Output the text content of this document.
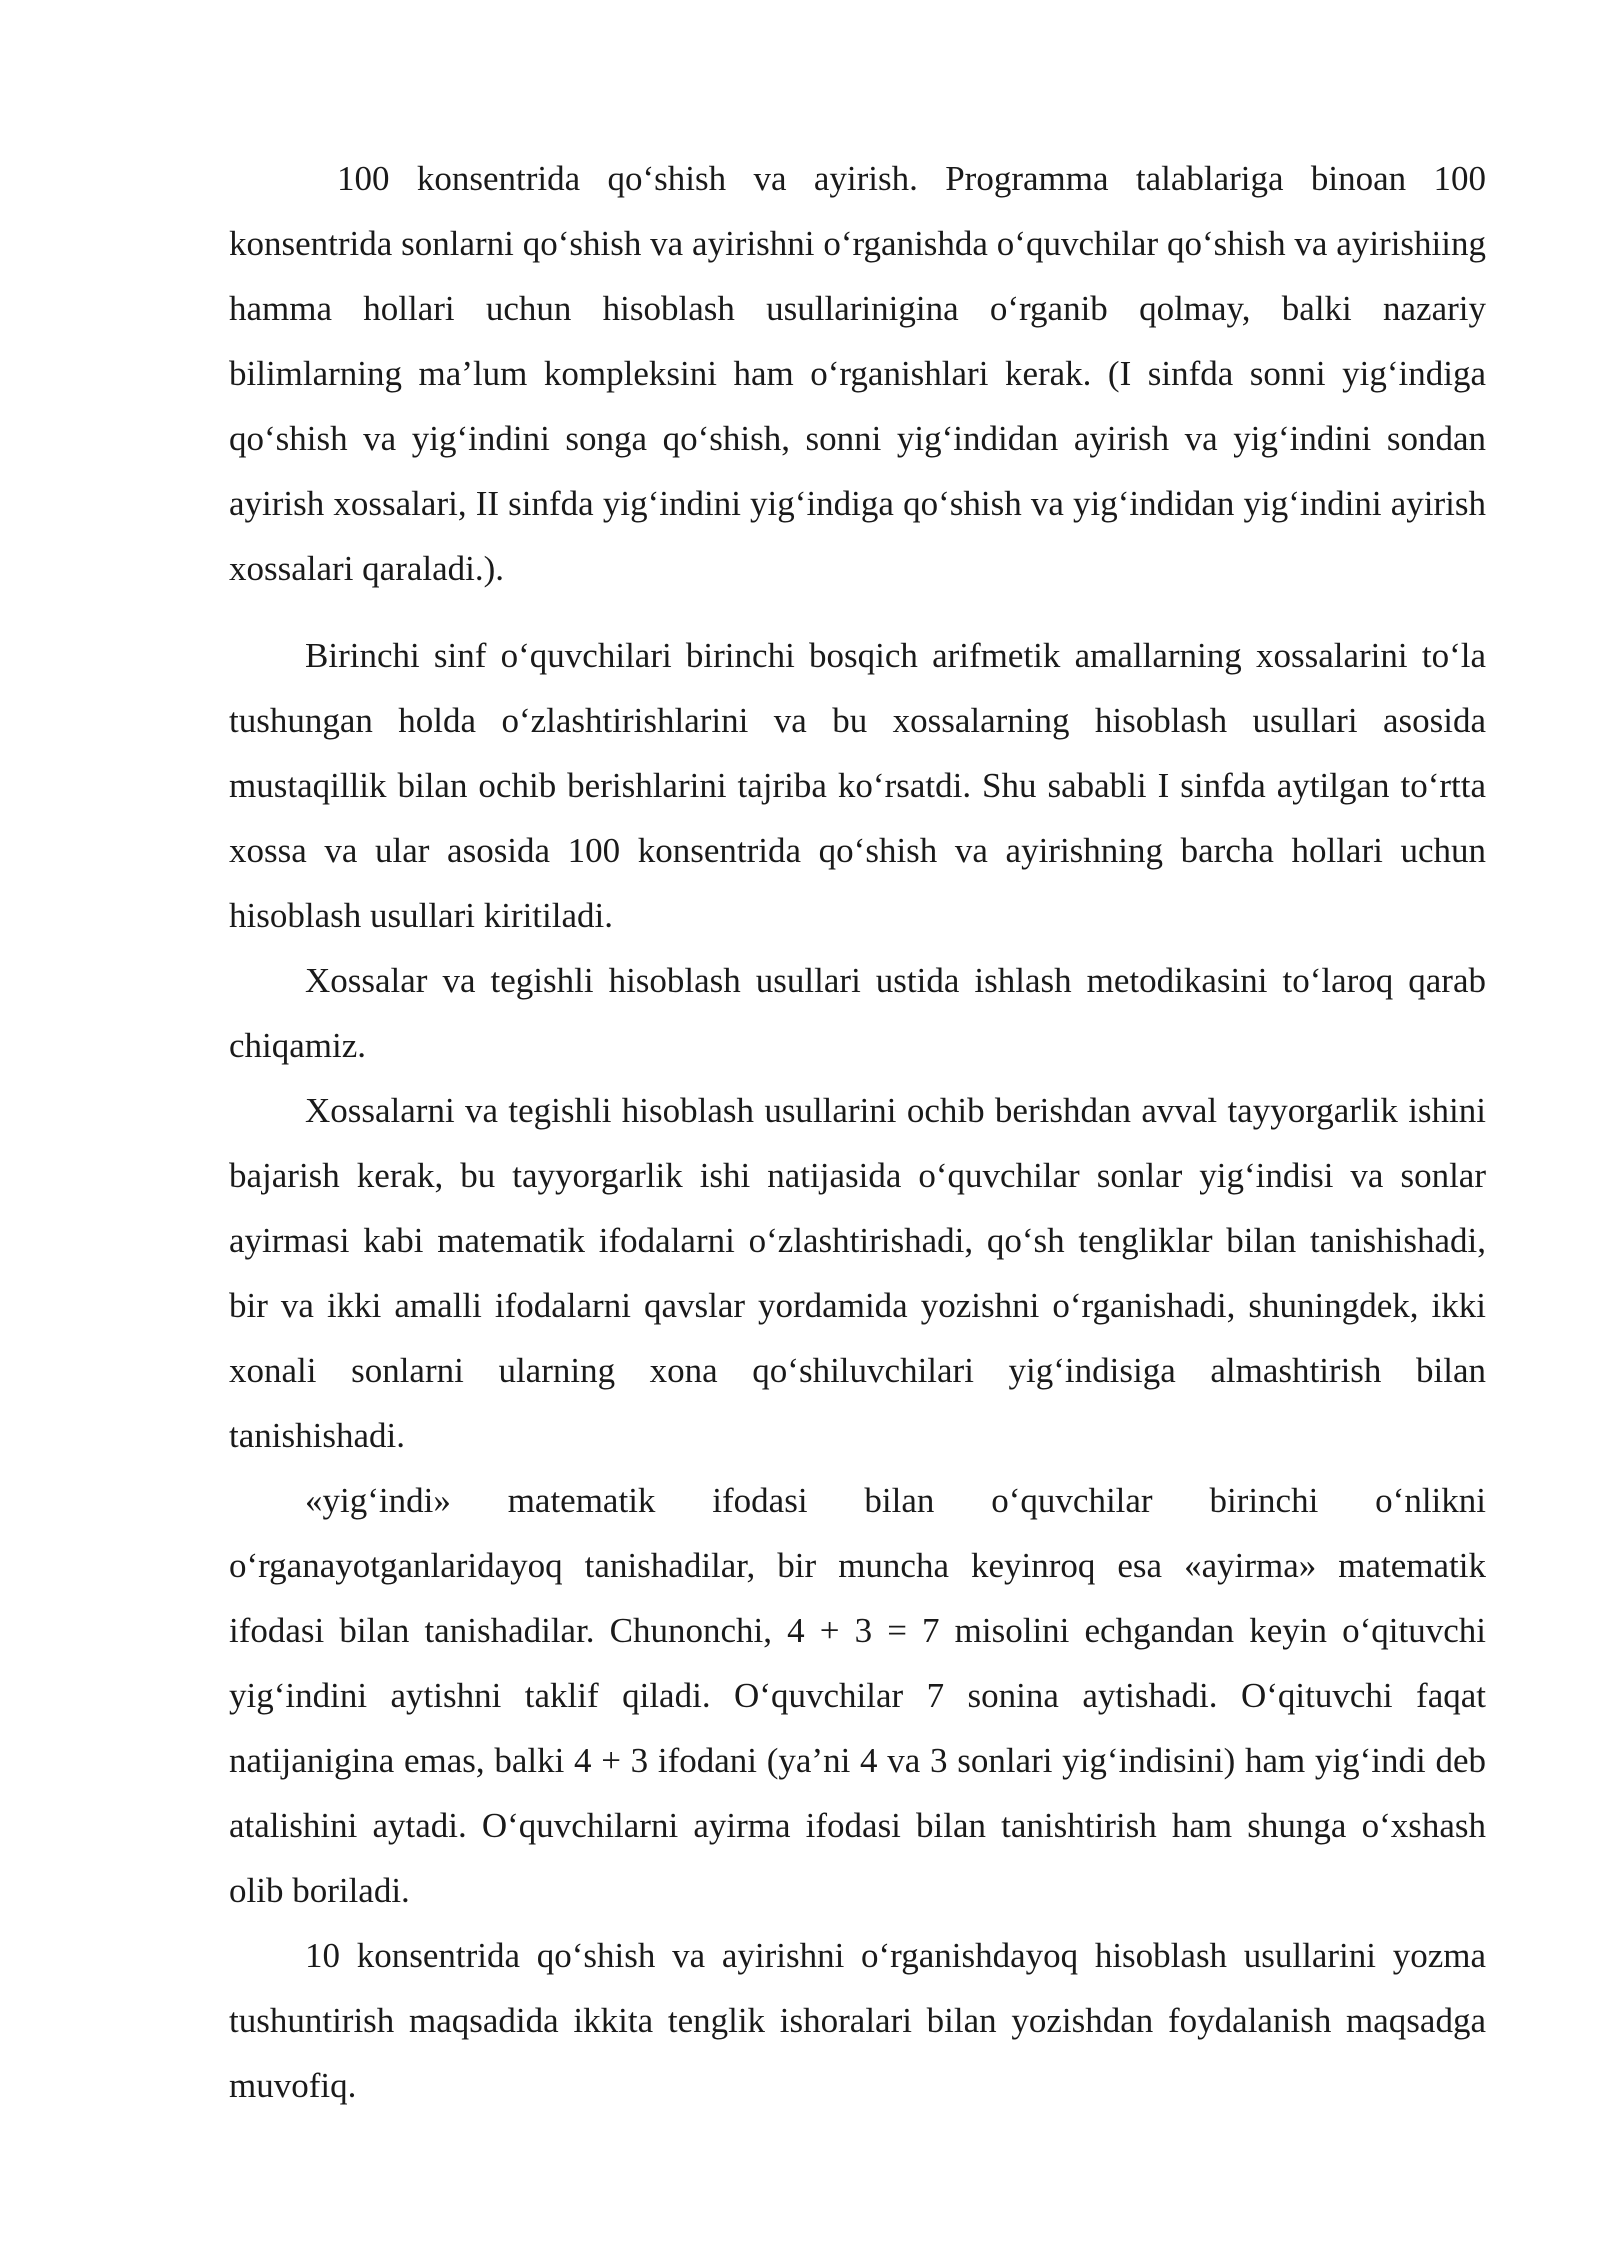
100 konsentrida qo‘shish va ayirish. Programma talablariga binoan 100 konsentrida sonlarni qo‘shish va ayirishni o‘rganishda o‘quvchilar qo‘shish va ayirishiing hamma hollari uchun hisoblash usullarinigina o‘rganib qolmay, balki nazariy bilimlarning ma’lum kompleksini ham o‘rganishlari kerak. (I sinfda sonni yig‘indiga qo‘shish va yig‘indini songa qo‘shish, sonni yig‘indidan ayirish va yig‘indini sondan ayirish xossalari, II sinfda yig‘indini yig‘indiga qo‘shish va yig‘indidan yig‘indini ayirish xossalari qaraladi.).

Birinchi sinf o‘quvchilari birinchi bosqich arifmetik amallarning xossalarini to‘la tushungan holda o‘zlashtirishlarini va bu xossalarning hisoblash usullari asosida mustaqillik bilan ochib berishlarini tajriba ko‘rsatdi. Shu sababli I sinfda aytilgan to‘rtta xossa va ular asosida 100 konsentrida qo‘shish va ayirishning barcha hollari uchun hisoblash usullari kiritiladi.

Xossalar va tegishli hisoblash usullari ustida ishlash metodikasini to‘laroq qarab chiqamiz.

Xossalarni va tegishli hisoblash usullarini ochib berishdan avval tayyorgarlik ishini bajarish kerak, bu tayyorgarlik ishi natijasida o‘quvchilar sonlar yig‘indisi va sonlar ayirmasi kabi matematik ifodalarni o‘zlashtirishadi, qo‘sh tengliklar bilan tanishishadi, bir va ikki amalli ifodalarni qavslar yordamida yozishni o‘rganishadi, shuningdek, ikki xonali sonlarni ularning xona qo‘shiluvchilari yig‘indisiga almashtirish bilan tanishishadi.

«yig‘indi» matematik ifodasi bilan o‘quvchilar birinchi o‘nlikni o‘rganayotganlaridayoq tanishadilar, bir muncha keyinroq esa «ayirma» matematik ifodasi bilan tanishadilar. Chunonchi, 4 + 3 = 7 misolini echgandan keyin o‘qituvchi yig‘indini aytishni taklif qiladi. O‘quvchilar 7 sonina aytishadi. O‘qituvchi faqat natijanigina emas, balki 4 + 3 ifodani (ya’ni 4 va 3 sonlari yig‘indisini) ham yig‘indi deb atalishini aytadi. O‘quvchilarni ayirma ifodasi bilan tanishtirish ham shunga o‘xshash olib boriladi.

10 konsentrida qo‘shish va ayirishni o‘rganishdayoq hisoblash usullarini yozma tushuntirish maqsadida ikkita tenglik ishoralari bilan yozishdan foydalanish maqsadga muvofiq.
